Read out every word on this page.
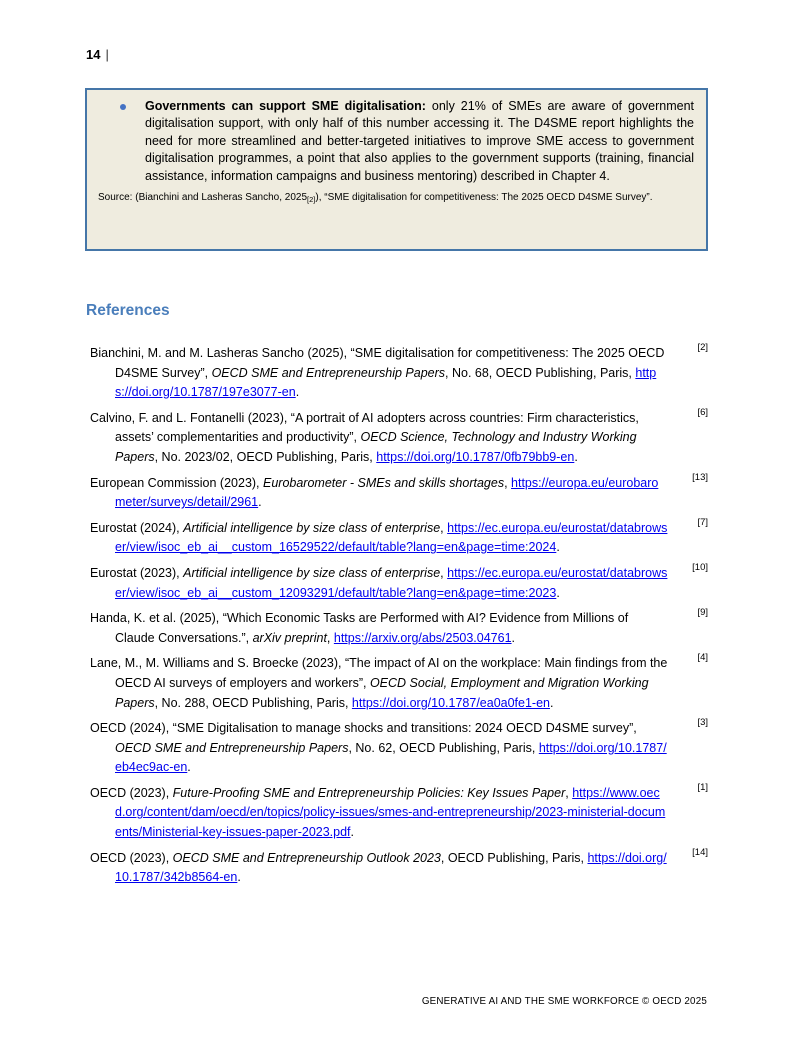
14 |

Governments can support SME digitalisation: only 21% of SMEs are aware of government digitalisation support, with only half of this number accessing it. The D4SME report highlights the need for more streamlined and better-targeted initiatives to improve SME access to government digitalisation programmes, a point that also applies to the government supports (training, financial assistance, information campaigns and business mentoring) described in Chapter 4.

Source: (Bianchini and Lasheras Sancho, $2025_{[2]}$), “SME digitalisation for competitiveness: The 2025 OECD D4SME Survey”.

References

Bianchini, M. and M. Lasheras Sancho (2025), “SME digitalisation for competitiveness: The 2025 OECD D4SME Survey”, OECD SME and Entrepreneurship Papers, No. 68, OECD Publishing, Paris, https://doi.org/10.1787/197e3077-en.

[2]

Calvino, F. and L. Fontanelli (2023), “A portrait of AI adopters across countries: Firm characteristics, assets’ complementarities and productivity”, OECD Science, Technology and Industry Working Papers, No. 2023/02, OECD Publishing, Paris, https://doi.org/10.1787/0fb79bb9-en.

[6]

European Commission (2023), Eurobarometer - SMEs and skills shortages, https://europa.eu/eurobarometer/surveys/detail/2961.

[13]

Eurostat (2024), Artificial intelligence by size class of enterprise, https://ec.europa.eu/eurostat/databrowser/view/isoc_eb_ai__custom_16529522/default/table?lang=en&page=time:2024.

[7]

Eurostat (2023), Artificial intelligence by size class of enterprise, https://ec.europa.eu/eurostat/databrowser/view/isoc_eb_ai__custom_12093291/default/table?lang=en&page=time:2023.

[10]

Handa, K. et al. (2025), “Which Economic Tasks are Performed with AI? Evidence from Millions of Claude Conversations.”, arXiv preprint, https://arxiv.org/abs/2503.04761.

[9]

Lane, M., M. Williams and S. Broecke (2023), “The impact of AI on the workplace: Main findings from the OECD AI surveys of employers and workers”, OECD Social, Employment and Migration Working Papers, No. 288, OECD Publishing, Paris, https://doi.org/10.1787/ea0a0fe1-en.

[4]

OECD (2024), “SME Digitalisation to manage shocks and transitions: 2024 OECD D4SME survey”, OECD SME and Entrepreneurship Papers, No. 62, OECD Publishing, Paris, https://doi.org/10.1787/eb4ec9ac-en.

[3]

OECD (2023), Future-Proofing SME and Entrepreneurship Policies: Key Issues Paper, https://www.oecd.org/content/dam/oecd/en/topics/policy-issues/smes-and-entrepreneurship/2023-ministerial-documents/Ministerial-key-issues-paper-2023.pdf.

[1]

OECD (2023), OECD SME and Entrepreneurship Outlook 2023, OECD Publishing, Paris, https://doi.org/10.1787/342b8564-en.

[14]
GENERATIVE AI AND THE SME WORKFORCE © OECD 2025
